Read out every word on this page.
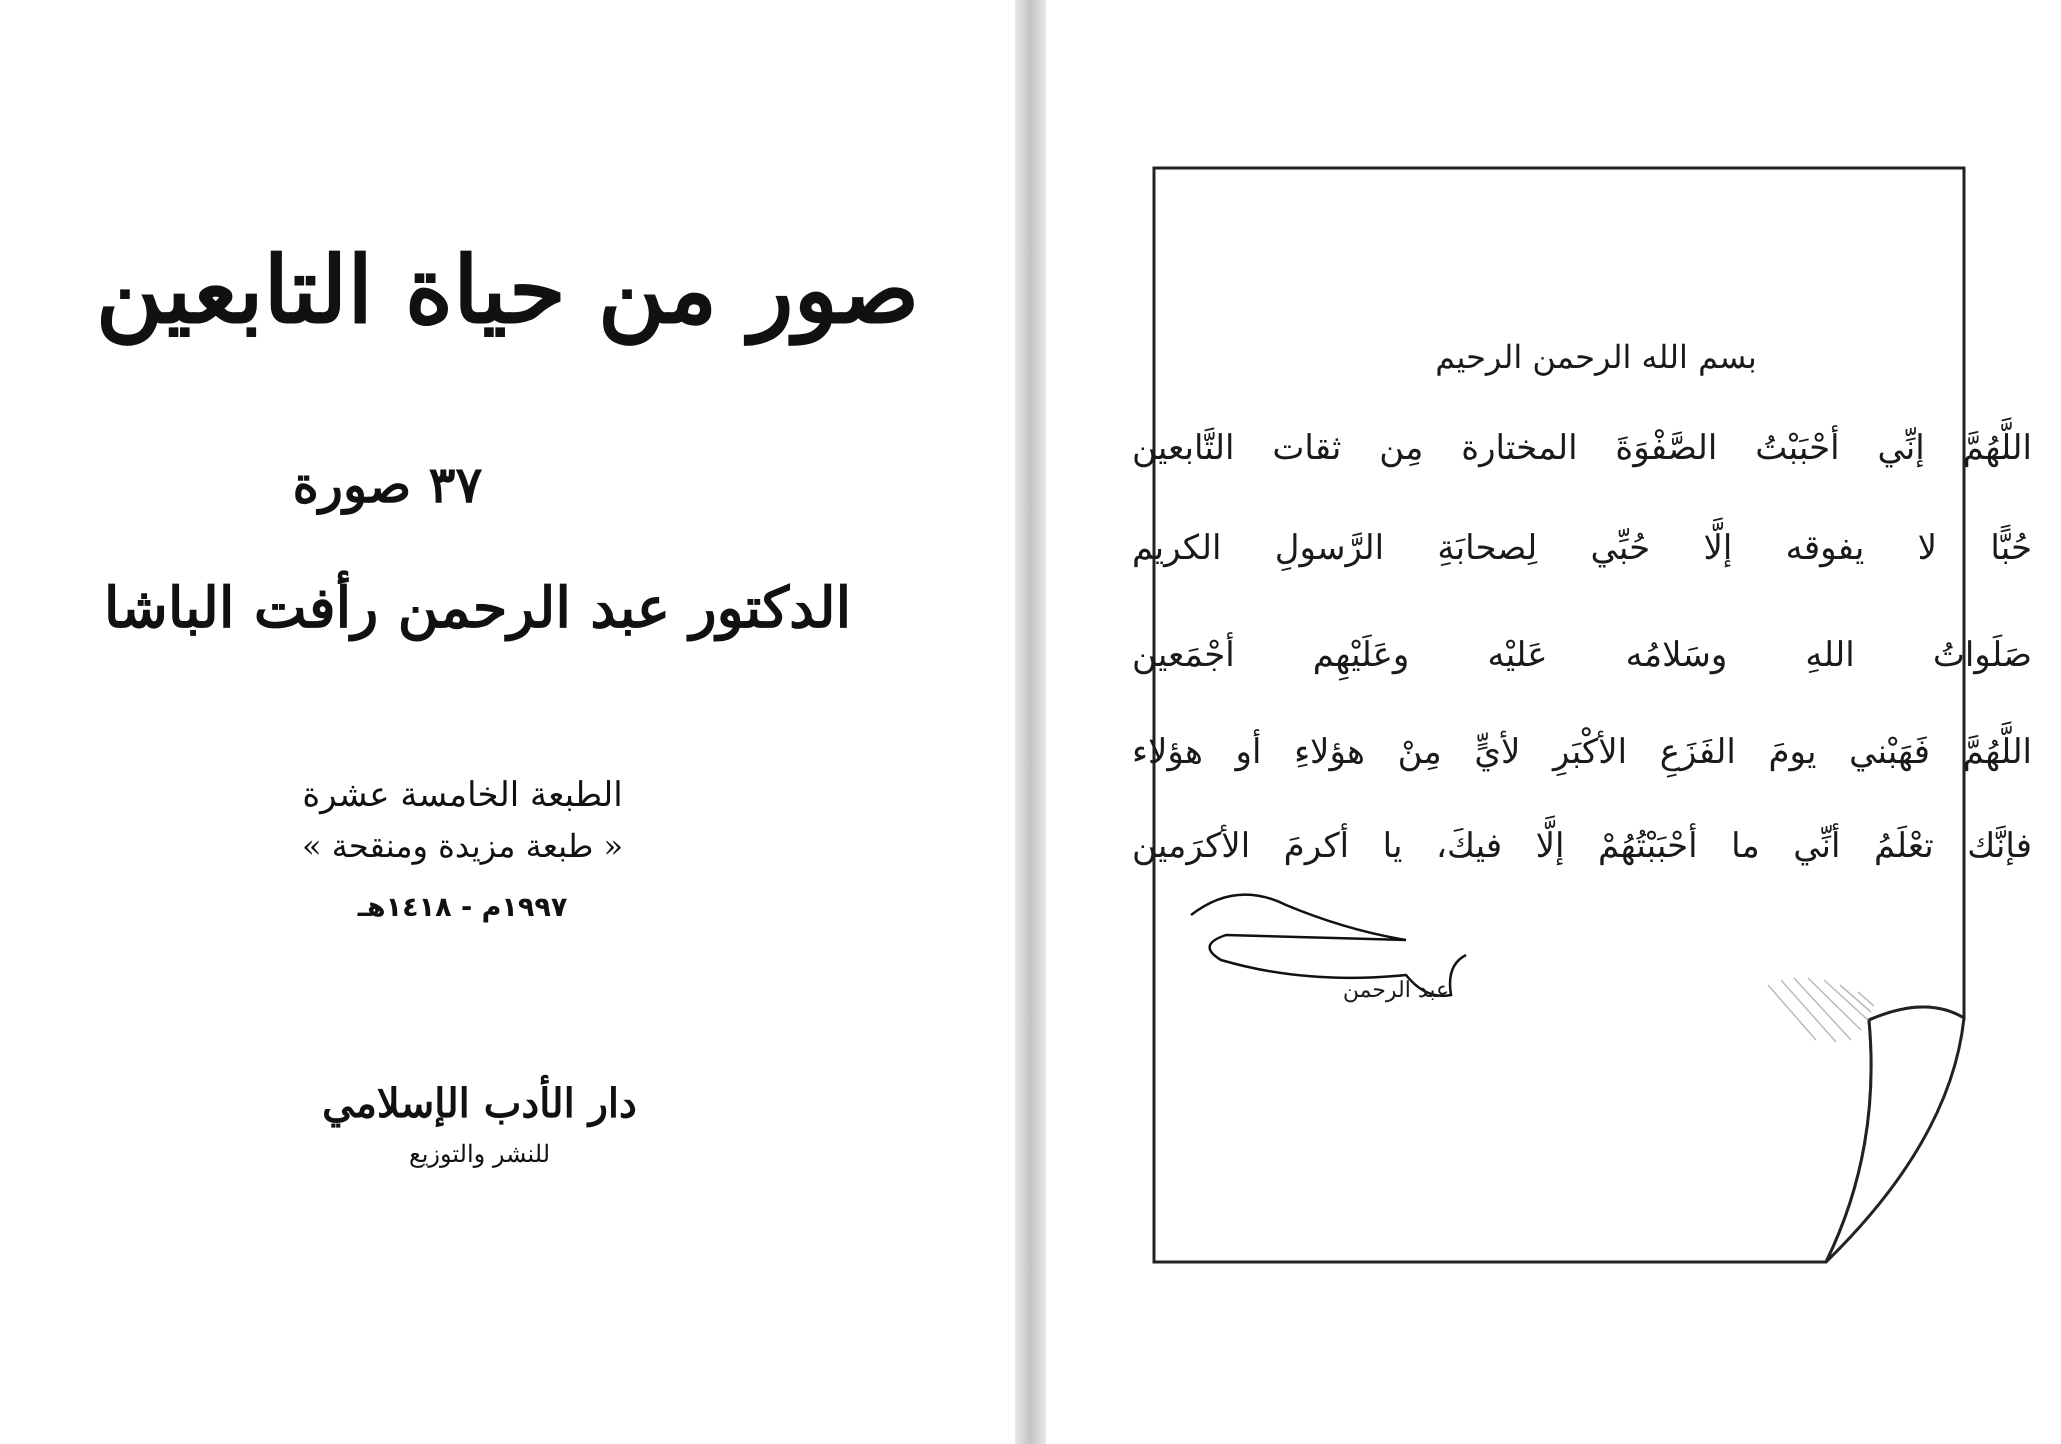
صور من حياة التابعين
٣٧ صورة
الدكتور عبد الرحمن رأفت الباشا
الطبعة الخامسة عشرة
« طبعة مزيدة ومنقحة »
١٩٩٧م - ١٤١٨هـ
دار الأدب الإسلامي
للنشر والتوزيع
بسم الله الرحمن الرحيم
اللَّهُمَّ إنِّي أحْبَبْتُ الصَّفْوَةَ المختارة مِن ثقات التَّابعين
حُبًّا لا يفوقه إلَّا حُبِّي لِصحابَةِ الرَّسولِ الكريم
صَلَواتُ اللهِ وسَلامُه عَليْه وعَلَيْهِم أجْمَعين
اللَّهُمَّ فَهَبْني يومَ الفَزَعِ الأكْبَرِ لأيٍّ مِنْ هؤلاءِ أو هؤلاء
فإنَّك تعْلَمُ أنِّي ما أحْبَبْتُهُمْ إلَّا فيكَ، يا أكرمَ الأكرَمين
عبد الرحمن
